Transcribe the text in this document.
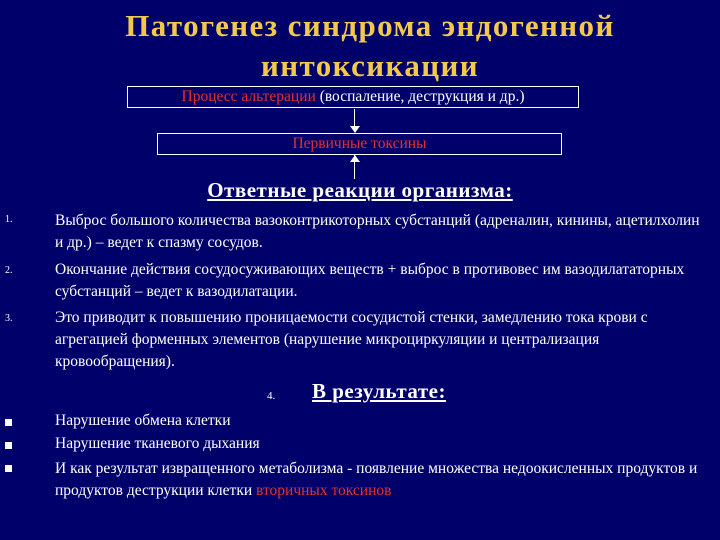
Патогенез синдрома эндогенной интоксикации
Процесс альтерации (воспаление, деструкция и др.)
Первичные токсины
Ответные реакции организма:
1.	Выброс большого количества вазоконтрикоторных субстанций (адреналин, кинины, ацетилхолин и др.) – ведет к спазму сосудов.
2.	Окончание действия сосудосуживающих веществ + выброс в противовес им вазодилататорных субстанций – ведет к вазодилатации.
3.	Это приводит к повышению проницаемости сосудистой стенки, замедлению тока крови с агрегацией форменных элементов (нарушение микроциркуляции и централизация кровообращения).
4. В результате:
Нарушение обмена клетки
Нарушение тканевого дыхания
И как результат извращенного метаболизма - появление множества недоокисленных продуктов и продуктов деструкции клетки вторичных токсинов
